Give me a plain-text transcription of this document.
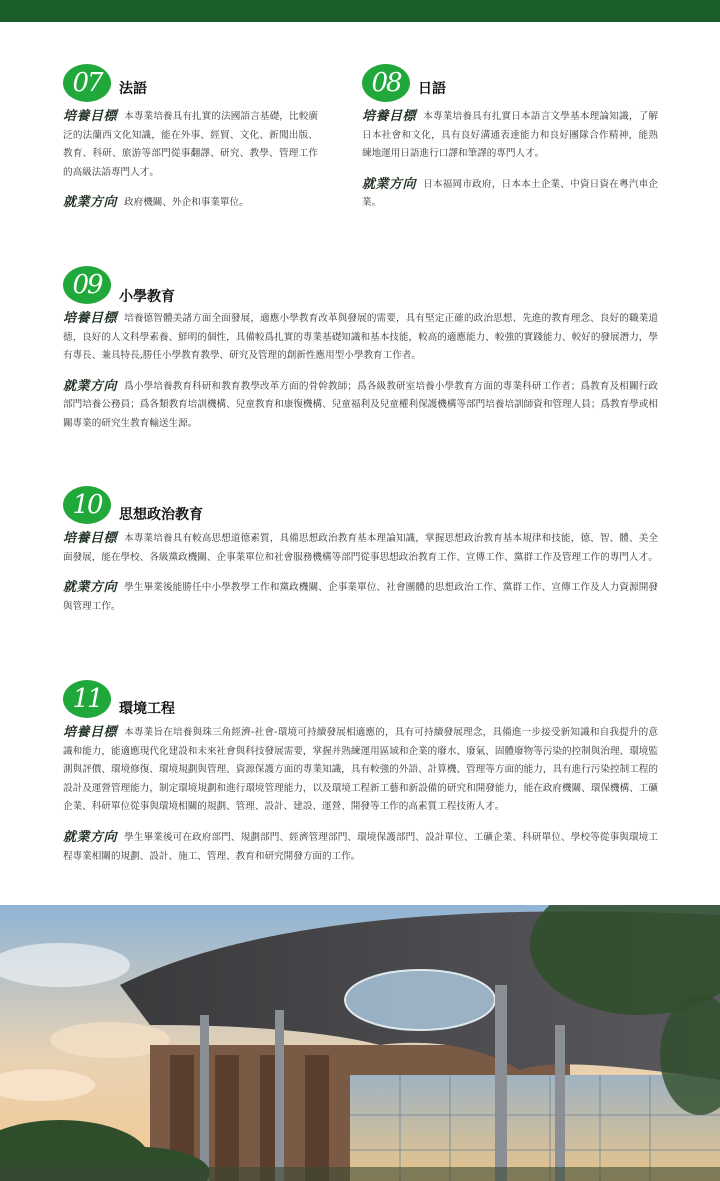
07	法語

培養目標 本專業培養具有扎實的法國語言基礎，比較廣泛的法蘭西文化知識，能在外事、經貿、文化、新聞出版、教育、科研、旅游等部門從事翻譯、研究、教學、管理工作的高級法語專門人才。

就業方向 政府機關、外企和事業單位。

08	日語

培養目標 本專業培養具有扎實日本語言文學基本理論知識，了解日本社會和文化，具有良好溝通表達能力和良好團隊合作精神，能熟練地運用日語進行口譯和筆譯的專門人才。

就業方向 日本福岡市政府，日本本土企業、中資日資在粵汽車企業。

09	小學教育

培養目標 培養德智體美諸方面全面發展，適應小學教育改革與發展的需要，具有堅定正確的政治思想、先進的教育理念、良好的職業道德，良好的人文科學素養、鮮明的個性，具備較爲扎實的專業基礎知識和基本技能，較高的適應能力、較強的實踐能力、較好的發展潛力，學有專長、兼具特長,勝任小學教育教學、研究及管理的創新性應用型小學教育工作者。

就業方向 爲小學培養教育科研和教育教學改革方面的骨幹教師；爲各級教研室培養小學教育方面的專業科研工作者；爲教育及相關行政部門培養公務員；爲各類教育培訓機構、兒童教育和康復機構、兒童福利及兒童權利保護機構等部門培養培訓師資和管理人員；爲教育學或相關專業的研究生教育輸送生源。

10	思想政治教育

培養目標 本專業培養具有較高思想道德素質，具備思想政治教育基本理論知識，掌握思想政治教育基本規律和技能，德、智、體、美全面發展，能在學校、各級黨政機關、企事業單位和社會服務機構等部門從事思想政治教育工作、宣傳工作、黨群工作及管理工作的專門人才。

就業方向 學生畢業後能勝任中小學教學工作和黨政機關、企事業單位、社會團體的思想政治工作、黨群工作、宣傳工作及人力資源開發與管理工作。

11	環境工程

培養目標 本專業旨在培養與珠三角經濟-社會-環境可持續發展相適應的，具有可持續發展理念，具備進一步接受新知識和自我提升的意識和能力，能適應現代化建設和未來社會與科技發展需要，掌握并熟練運用區域和企業的廢水、廢氣、固體廢物等污染的控制與治理、環境監測與評價、環境修復、環境規劃與管理、資源保護方面的專業知識，具有較強的外語、計算機、管理等方面的能力，具有進行污染控制工程的設計及運營管理能力，制定環境規劃和進行環境管理能力，以及環境工程新工藝和新設備的研究和開發能力，能在政府機關、環保機構、工礦企業、科研單位從事與環境相關的規劃、管理、設計、建設、運營、開發等工作的高素質工程技術人才。

就業方向 學生畢業後可在政府部門、規劃部門、經濟管理部門、環境保護部門、設計單位、工礦企業、科研單位、學校等從事與環境工程專業相關的規劃、設計、施工、管理、教育和研究開發方面的工作。
